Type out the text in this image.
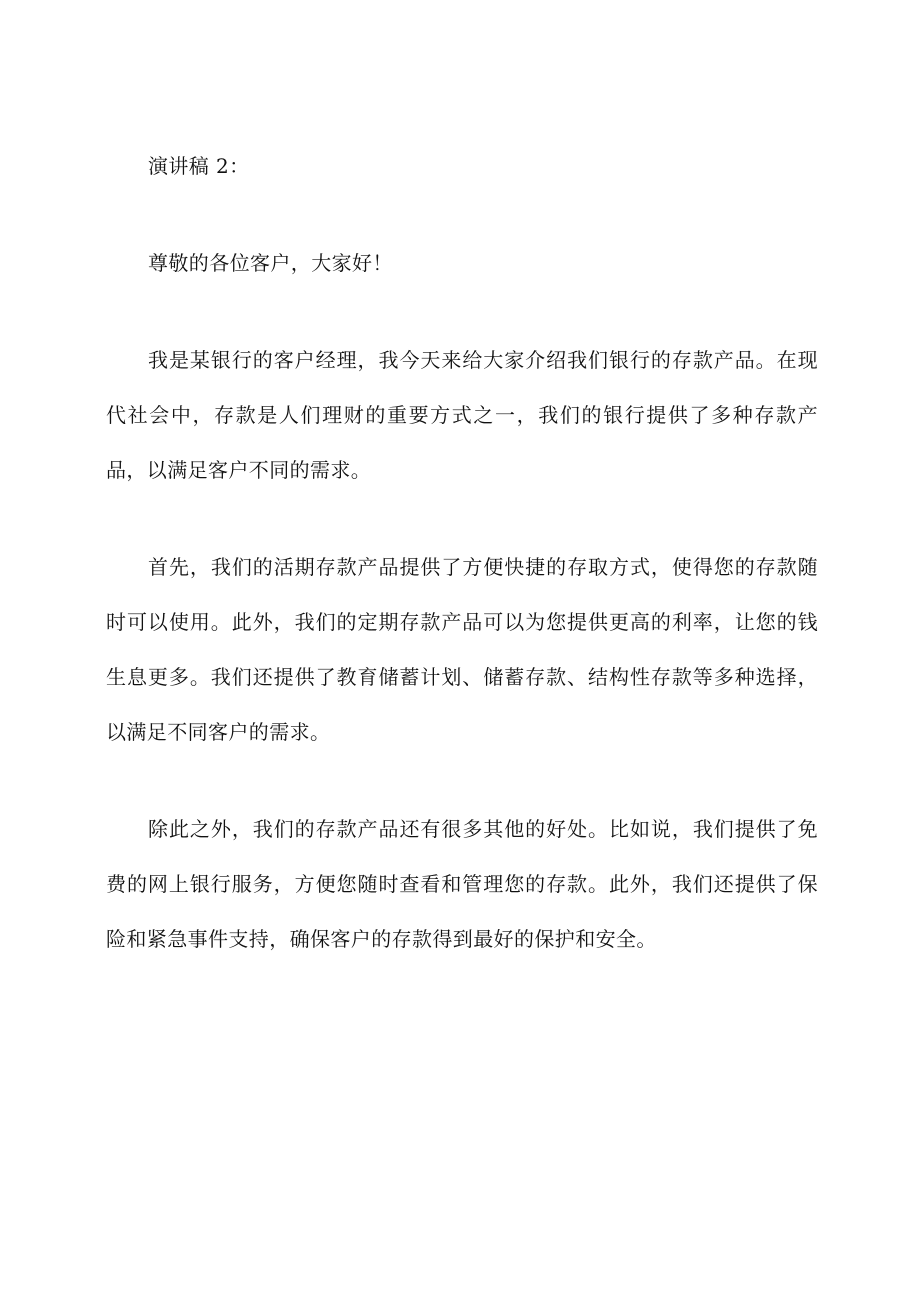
演讲稿 2：

尊敬的各位客户，大家好！

我是某银行的客户经理，我今天来给大家介绍我们银行的存款产品。在现代社会中，存款是人们理财的重要方式之一，我们的银行提供了多种存款产品，以满足客户不同的需求。

首先，我们的活期存款产品提供了方便快捷的存取方式，使得您的存款随时可以使用。此外，我们的定期存款产品可以为您提供更高的利率，让您的钱生息更多。我们还提供了教育储蓄计划、储蓄存款、结构性存款等多种选择，以满足不同客户的需求。

除此之外，我们的存款产品还有很多其他的好处。比如说，我们提供了免费的网上银行服务，方便您随时查看和管理您的存款。此外，我们还提供了保险和紧急事件支持，确保客户的存款得到最好的保护和安全。
